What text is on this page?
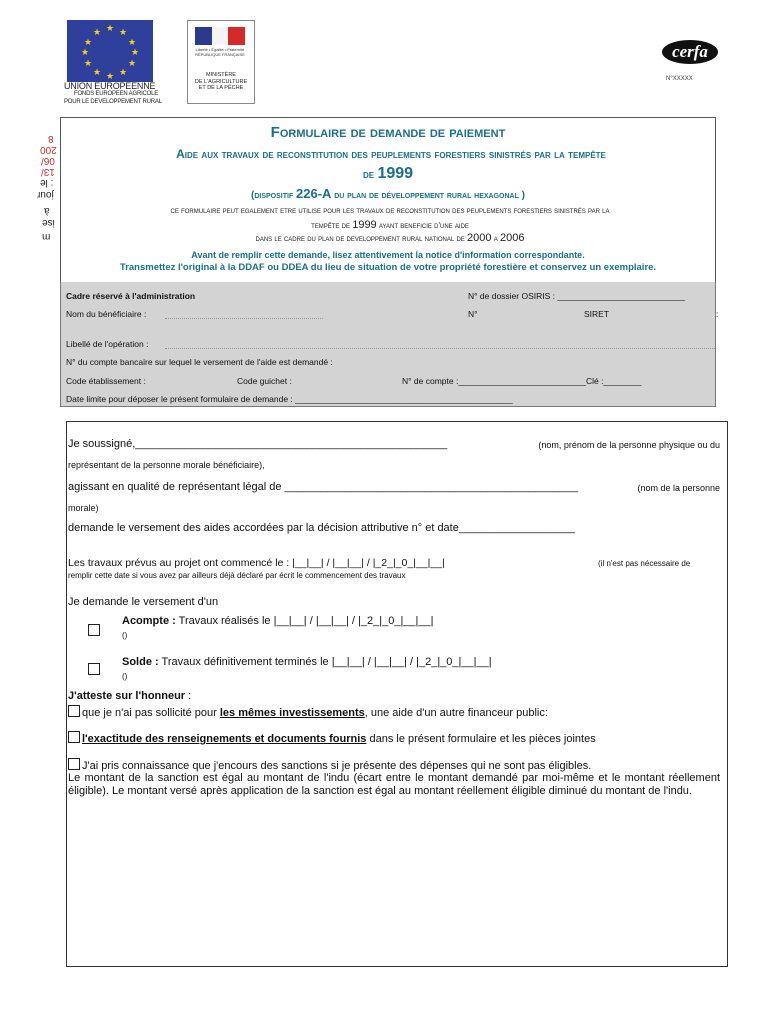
★ ★
★
★
★
★
★
★
★
★
★
★
UNION EUROPEENNE
FONDS EUROPEEN AGRICOLE
POUR LE DEVELOPPEMENT RURAL
Liberté • Égalité • Fraternité
RÉPUBLIQUE FRANÇAISE
MINISTÈRE
DE L'AGRICULTURE
ET DE LA PÊCHE
cerfa
N°XXXXX
8
200
06/
13/
: le
jour
à
ise
m
Formulaire de demande de paiement
Aide aux travaux de reconstitution des peuplements forestiers sinistrés par la tempête
de 1999
(dispositif 226-A du plan de développement rural hexagonal )
ce formulaire peut egalement etre utilise pour les travaux de reconstitution des peuplements forestiers sinistrés par la
tempête de 1999 ayant beneficie d'une aide
dans le cadre du plan de developpement rural national de 2000 a 2006
Avant de remplir cette demande, lisez attentivement la notice d'information correspondante.
Transmettez l'original à la DDAF ou DDEA du lieu de situation de votre propriété forestière et conservez un exemplaire.
Cadre réservé à l'administration	N° de dossier OSIRIS : ___________________________
Nom du bénéficiaire :	N°	SIRET	:
Libellé de l'opération :
N° du compte bancaire sur lequel le versement de l'aide est demandé :
Code établissement :	Code guichet :	N° de compte :___________________________Clé :________
Date limite pour déposer le présent formulaire de demande : ______________________________________________
Je soussigné,___________________________________________________	(nom, prénom de la personne physique ou du
représentant de la personne morale bénéficiaire),
agissant en qualité de représentant légal de ________________________________________________	(nom de la personne
morale)
demande le versement des aides accordées par la décision attributive n° et date___________________
Les travaux prévus au projet ont commencé le : |__|__| / |__|__| / |_2_|_0_|__|__|	(il n'est pas nécessaire de
remplir cette date si vous avez par ailleurs déjà déclaré par écrit le commencement des travaux
Je demande le versement d'un
Acompte : Travaux réalisés le |__|__| / |__|__| / |_2_|_0_|__|__|
()
Solde : Travaux définitivement terminés le |__|__| / |__|__| / |_2_|_0_|__|__|
()
J'atteste sur l'honneur :
que je n'ai pas sollicité pour les mêmes investissements, une aide d'un autre financeur public:
l'exactitude des renseignements et documents fournis dans le présent formulaire et les pièces jointes
J'ai pris connaissance que j'encours des sanctions si je présente des dépenses qui ne sont pas éligibles.
Le montant de la sanction est égal au montant de l'indu (écart entre le montant demandé par moi-même et le montant réellement éligible). Le montant versé après application de la sanction est égal au montant réellement éligible diminué du montant de l'indu.
